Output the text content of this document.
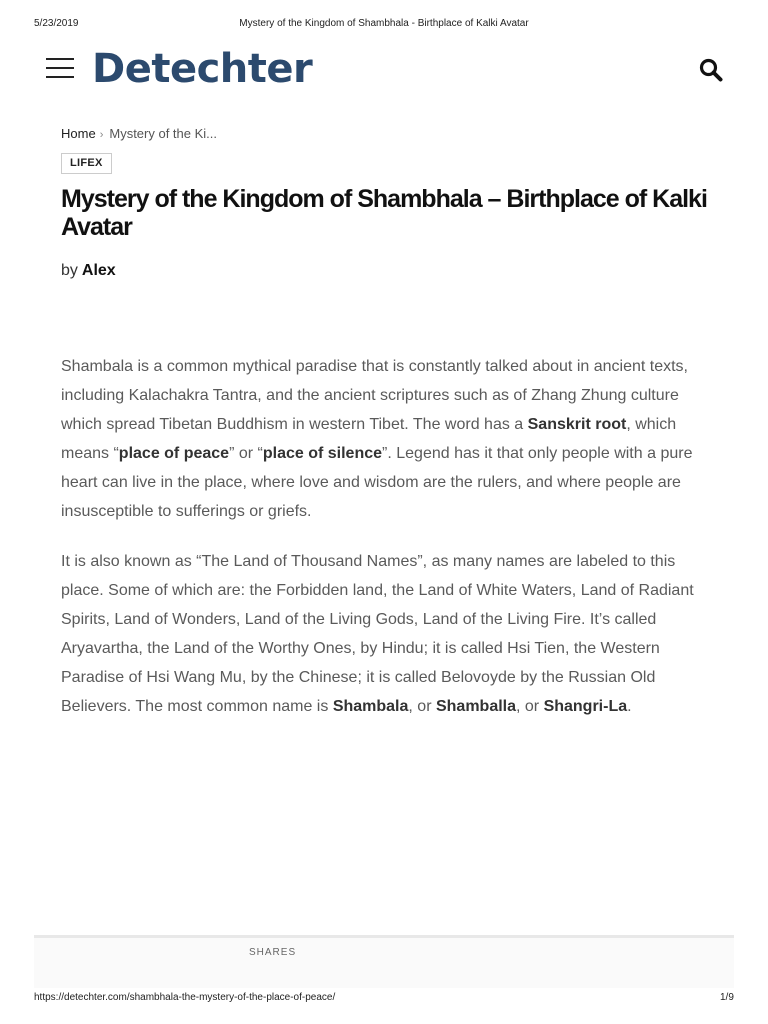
5/23/2019	Mystery of the Kingdom of Shambhala - Birthplace of Kalki Avatar
Detechter
Home › Mystery of the Ki...
LIFEX
Mystery of the Kingdom of Shambhala – Birthplace of Kalki Avatar
by Alex

Shambala is a common mythical paradise that is constantly talked about in ancient texts, including Kalachakra Tantra, and the ancient scriptures such as of Zhang Zhung culture which spread Tibetan Buddhism in western Tibet. The word has a Sanskrit root, which means “place of peace” or “place of silence”. Legend has it that only people with a pure heart can live in the place, where love and wisdom are the rulers, and where people are insusceptible to sufferings or griefs.

It is also known as “The Land of Thousand Names”, as many names are labeled to this place. Some of which are: the Forbidden land, the Land of White Waters, Land of Radiant Spirits, Land of Wonders, Land of the Living Gods, Land of the Living Fire. It’s called Aryavartha, the Land of the Worthy Ones, by Hindu; it is called Hsi Tien, the Western Paradise of Hsi Wang Mu, by the Chinese; it is called Belovoyde by the Russian Old Believers. The most common name is Shambala, or Shamballa, or Shangri-La.

SHARES
https://detechter.com/shambhala-the-mystery-of-the-place-of-peace/	1/9
